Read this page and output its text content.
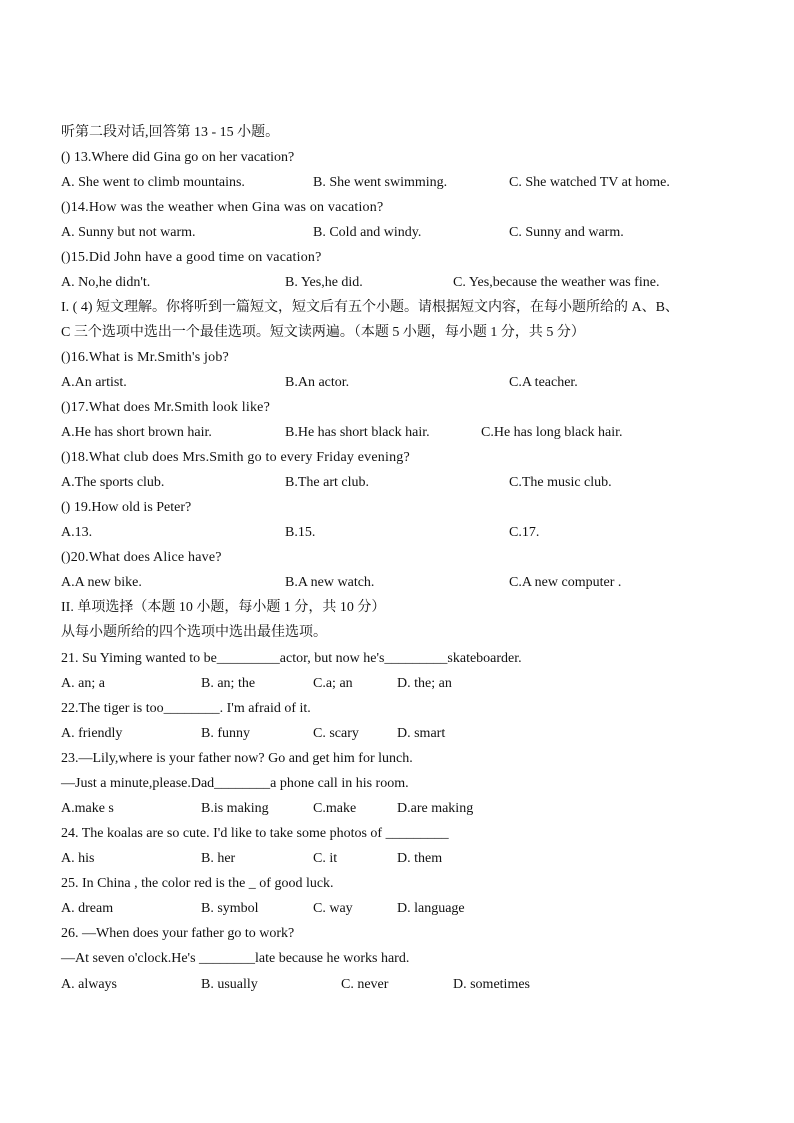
听第二段对话,回答第 13 - 15 小题。
() 13.Where did Gina go on her vacation?
A. She went to climb mountains.	B. She went swimming.	C. She watched TV at home.
()14.How was the weather when Gina was on vacation?
A. Sunny but not warm.	B. Cold and windy.	C. Sunny and warm.
()15.Did John have a good time on vacation?
A. No,he didn't.	B. Yes,he did.	C. Yes,because the weather was fine.
I. ( 4) 短文理解。你将听到一篇短文，短文后有五个小题。请根据短文内容，在每小题所给的 A、B、
C 三个选项中选出一个最佳选项。短文读两遍。（本题 5 小题，每小题 1 分，共 5 分）
()16.What is Mr.Smith's job?
A.An artist.	B.An actor.	C.A teacher.
()17.What does Mr.Smith look like?
A.He has short brown hair.	B.He has short black hair.	C.He has long black hair.
()18.What club does Mrs.Smith go to every Friday evening?
A.The sports club.	B.The art club.	C.The music club.
() 19.How old is Peter?
A.13.	B.15.	C.17.
()20.What does Alice have?
A.A new bike.	B.A new watch.	C.A new computer .
II. 单项选择（本题 10 小题，每小题 1 分，共 10 分）
从每小题所给的四个选项中选出最佳选项。
21. Su Yiming wanted to be_________actor, but now he's_________skateboarder.
A. an; a	B. an; the	C.a; an	D. the; an
22.The tiger is too________. I'm afraid of it.
A. friendly	B. funny	C. scary	D. smart
23.—Lily,where is your father now? Go and get him for lunch.
—Just a minute,please.Dad________a phone call in his room.
A.make s	B.is making	C.make	D.are making
24. The koalas are so cute. I'd like to take some photos of _________
A. his	B. her	C. it	D. them
25. In China , the color red is the _ of good luck.
A. dream	B. symbol	C. way	D. language
26. —When does your father go to work?
—At seven o'clock.He's ________late because he works hard.
A. always	B. usually	C. never	D. sometimes
